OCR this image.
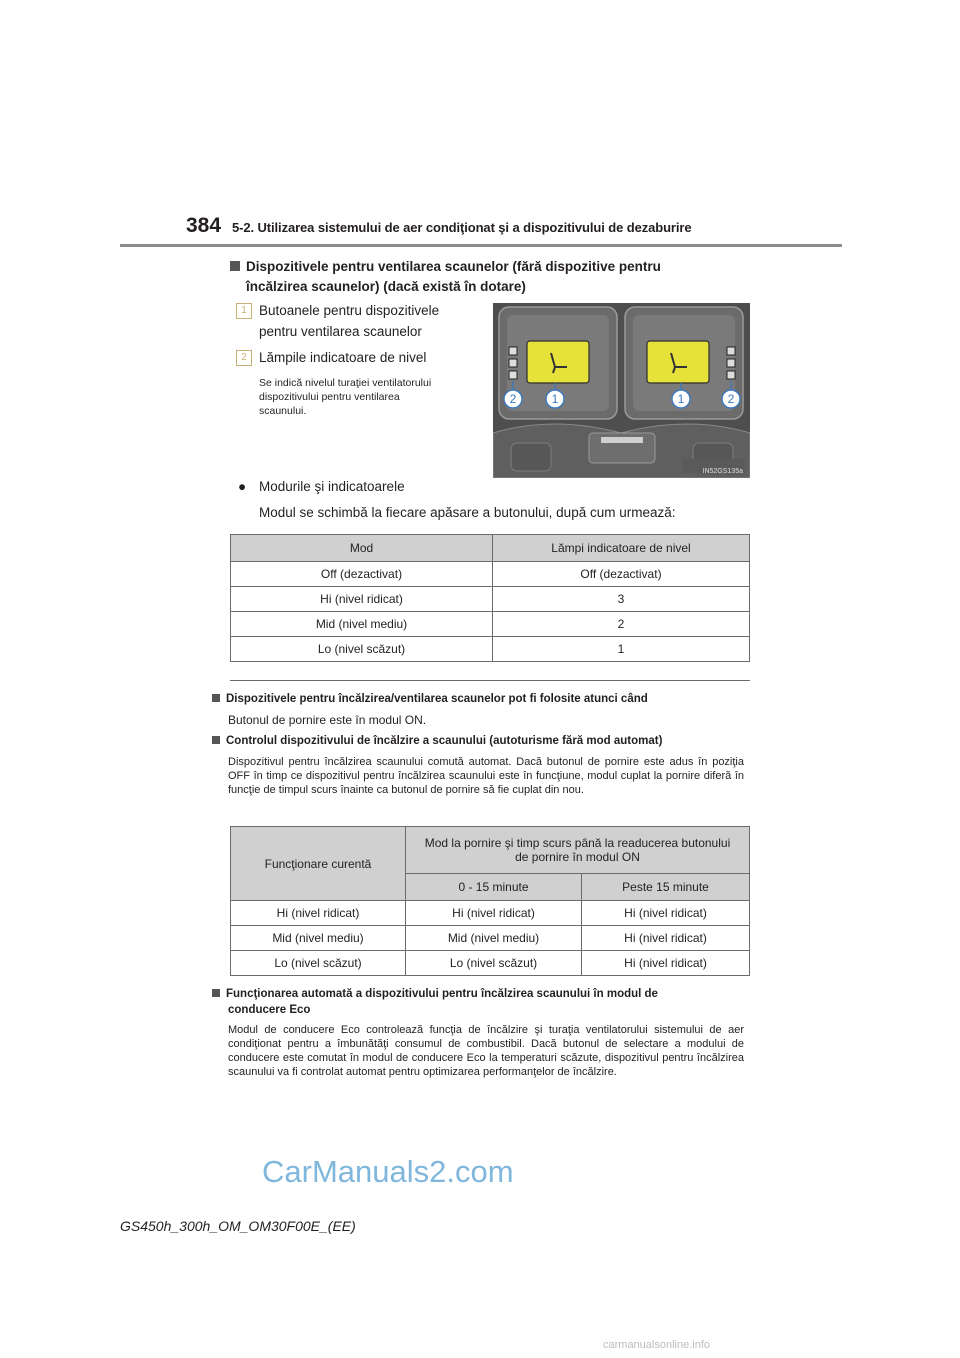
384 5-2. Utilizarea sistemului de aer condiţionat şi a dispozitivului de dezaburire
Dispozitivele pentru ventilarea scaunelor (fără dispozitive pentru
încălzirea scaunelor) (dacă există în dotare)
1 Butoanele pentru dispozitivele
pentru ventilarea scaunelor
2 Lămpile indicatoare de nivel
Se indică nivelul turaţiei ventilatorului
dispozitivului pentru ventilarea
scaunului.
2	1	1	2
IN52GS135a
● Modurile şi indicatoarele
Modul se schimbă la fiecare apăsare a butonului, după cum urmează:
Mod	Lămpi indicatoare de nivel
Off (dezactivat)	Off (dezactivat)
Hi (nivel ridicat)	3
Mid (nivel mediu)	2
Lo (nivel scăzut)	1
Dispozitivele pentru încălzirea/ventilarea scaunelor pot fi folosite atunci când
Butonul de pornire este în modul ON.
Controlul dispozitivului de încălzire a scaunului (autoturisme fără mod automat)
Dispozitivul pentru încălzirea scaunului comută automat. Dacă butonul de pornire este adus în poziţia OFF în timp ce dispozitivul pentru încălzirea scaunului este în funcţiune, modul cuplat la pornire diferă în funcţie de timpul scurs înainte ca butonul de pornire să fie cuplat din nou.
Funcţionare curentă	Mod la pornire şi timp scurs până la readucerea butonului
de pornire în modul ON	
	0 - 15 minute	Peste 15 minute
Hi (nivel ridicat)	Hi (nivel ridicat)	Hi (nivel ridicat)
Mid (nivel mediu)	Mid (nivel mediu)	Hi (nivel ridicat)
Lo (nivel scăzut)	Lo (nivel scăzut)	Hi (nivel ridicat)
Funcţionarea automată a dispozitivului pentru încălzirea scaunului în modul de
conducere Eco
Modul de conducere Eco controlează funcţia de încălzire şi turaţia ventilatorului sistemului de aer condiţionat pentru a îmbunătăţi consumul de combustibil. Dacă butonul de selectare a modului de conducere este comutat în modul de conducere Eco la temperaturi scăzute, dispozitivul pentru încălzirea scaunului va fi controlat automat pentru optimizarea performanţelor de încălzire.
CarManuals2.com
GS450h_300h_OM_OM30F00E_(EE)
carmanualsonline.info
